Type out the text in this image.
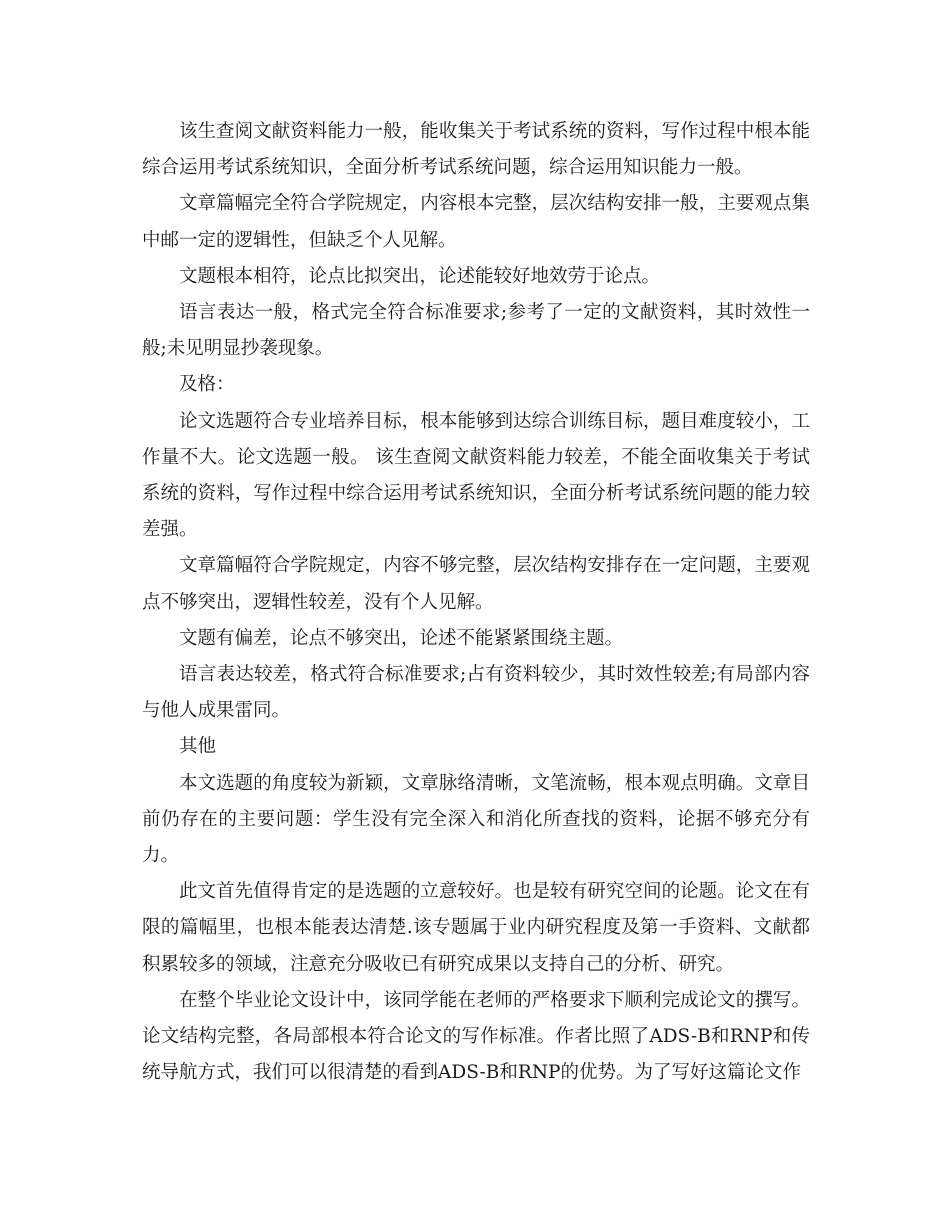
该生查阅文献资料能力一般，能收集关于考试系统的资料，写作过程中根本能综合运用考试系统知识，全面分析考试系统问题，综合运用知识能力一般。

文章篇幅完全符合学院规定，内容根本完整，层次结构安排一般，主要观点集中邮一定的逻辑性，但缺乏个人见解。

文题根本相符，论点比拟突出，论述能较好地效劳于论点。

语言表达一般，格式完全符合标准要求;参考了一定的文献资料，其时效性一般;未见明显抄袭现象。

及格：

论文选题符合专业培养目标，根本能够到达综合训练目标，题目难度较小，工作量不大。论文选题一般。 该生查阅文献资料能力较差，不能全面收集关于考试系统的资料，写作过程中综合运用考试系统知识，全面分析考试系统问题的能力较差强。

文章篇幅符合学院规定，内容不够完整，层次结构安排存在一定问题，主要观点不够突出，逻辑性较差，没有个人见解。

文题有偏差，论点不够突出，论述不能紧紧围绕主题。

语言表达较差，格式符合标准要求;占有资料较少，其时效性较差;有局部内容与他人成果雷同。

其他

本文选题的角度较为新颖，文章脉络清晰，文笔流畅，根本观点明确。文章目前仍存在的主要问题：学生没有完全深入和消化所查找的资料，论据不够充分有力。

此文首先值得肯定的是选题的立意较好。也是较有研究空间的论题。论文在有限的篇幅里，也根本能表达清楚.该专题属于业内研究程度及第一手资料、文献都积累较多的领域，注意充分吸收已有研究成果以支持自己的分析、研究。

在整个毕业论文设计中，该同学能在老师的严格要求下顺利完成论文的撰写。论文结构完整，各局部根本符合论文的写作标准。作者比照了ADS-B和RNP和传统导航方式，我们可以很清楚的看到ADS-B和RNP的优势。为了写好这篇论文作
